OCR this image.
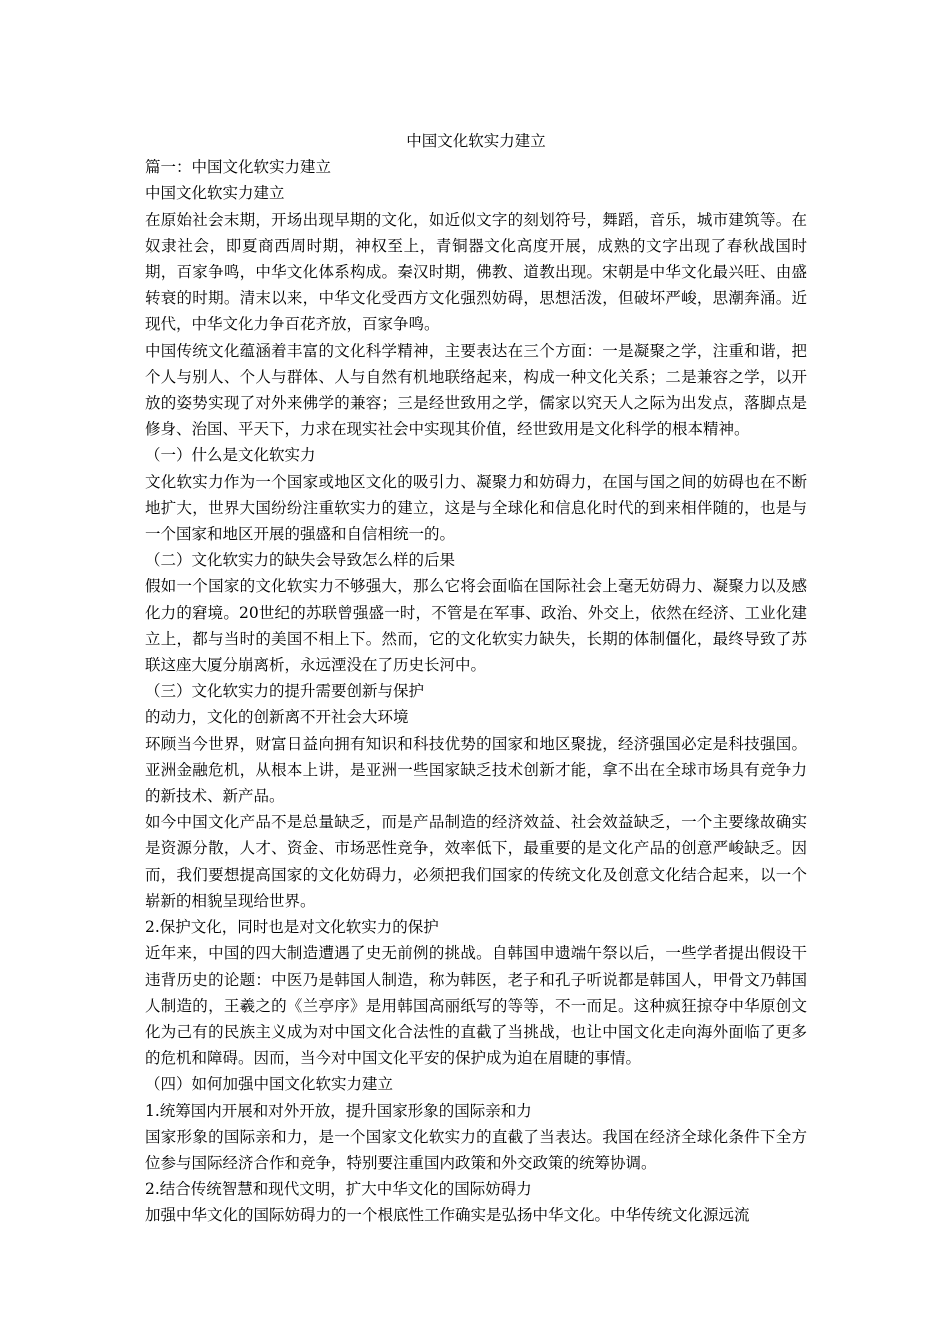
中国文化软实力建立

篇一：中国文化软实力建立

中国文化软实力建立

在原始社会末期，开场出现早期的文化，如近似文字的刻划符号，舞蹈，音乐，城市建筑等。在奴隶社会，即夏商西周时期，神权至上，青铜器文化高度开展，成熟的文字出现了春秋战国时期，百家争鸣，中华文化体系构成。秦汉时期，佛教、道教出现。宋朝是中华文化最兴旺、由盛转衰的时期。清末以来，中华文化受西方文化强烈妨碍，思想活泼，但破坏严峻，思潮奔涌。近现代，中华文化力争百花齐放，百家争鸣。

中国传统文化蕴涵着丰富的文化科学精神，主要表达在三个方面：一是凝聚之学，注重和谐，把个人与别人、个人与群体、人与自然有机地联络起来，构成一种文化关系；二是兼容之学，以开放的姿势实现了对外来佛学的兼容；三是经世致用之学，儒家以究天人之际为出发点，落脚点是修身、治国、平天下，力求在现实社会中实现其价值，经世致用是文化科学的根本精神。

（一）什么是文化软实力

文化软实力作为一个国家或地区文化的吸引力、凝聚力和妨碍力，在国与国之间的妨碍也在不断地扩大，世界大国纷纷注重软实力的建立，这是与全球化和信息化时代的到来相伴随的，也是与一个国家和地区开展的强盛和自信相统一的。

（二）文化软实力的缺失会导致怎么样的后果

假如一个国家的文化软实力不够强大，那么它将会面临在国际社会上毫无妨碍力、凝聚力以及感化力的窘境。20世纪的苏联曾强盛一时，不管是在军事、政治、外交上，依然在经济、工业化建立上，都与当时的美国不相上下。然而，它的文化软实力缺失，长期的体制僵化，最终导致了苏联这座大厦分崩离析，永远湮没在了历史长河中。

（三）文化软实力的提升需要创新与保护

的动力，文化的创新离不开社会大环境

环顾当今世界，财富日益向拥有知识和科技优势的国家和地区聚拢，经济强国必定是科技强国。亚洲金融危机，从根本上讲，是亚洲一些国家缺乏技术创新才能，拿不出在全球市场具有竞争力的新技术、新产品。

如今中国文化产品不是总量缺乏，而是产品制造的经济效益、社会效益缺乏，一个主要缘故确实是资源分散，人才、资金、市场恶性竞争，效率低下，最重要的是文化产品的创意严峻缺乏。因而，我们要想提高国家的文化妨碍力，必须把我们国家的传统文化及创意文化结合起来，以一个崭新的相貌呈现给世界。

2.保护文化，同时也是对文化软实力的保护

近年来，中国的四大制造遭遇了史无前例的挑战。自韩国申遗端午祭以后，一些学者提出假设干违背历史的论题：中医乃是韩国人制造，称为韩医，老子和孔子听说都是韩国人，甲骨文乃韩国人制造的，王羲之的《兰亭序》是用韩国高丽纸写的等等，不一而足。这种疯狂掠夺中华原创文化为己有的民族主义成为对中国文化合法性的直截了当挑战，也让中国文化走向海外面临了更多的危机和障碍。因而，当今对中国文化平安的保护成为迫在眉睫的事情。

（四）如何加强中国文化软实力建立

1.统筹国内开展和对外开放，提升国家形象的国际亲和力

国家形象的国际亲和力，是一个国家文化软实力的直截了当表达。我国在经济全球化条件下全方位参与国际经济合作和竞争，特别要注重国内政策和外交政策的统筹协调。

2.结合传统智慧和现代文明，扩大中华文化的国际妨碍力

加强中华文化的国际妨碍力的一个根底性工作确实是弘扬中华文化。中华传统文化源远流
